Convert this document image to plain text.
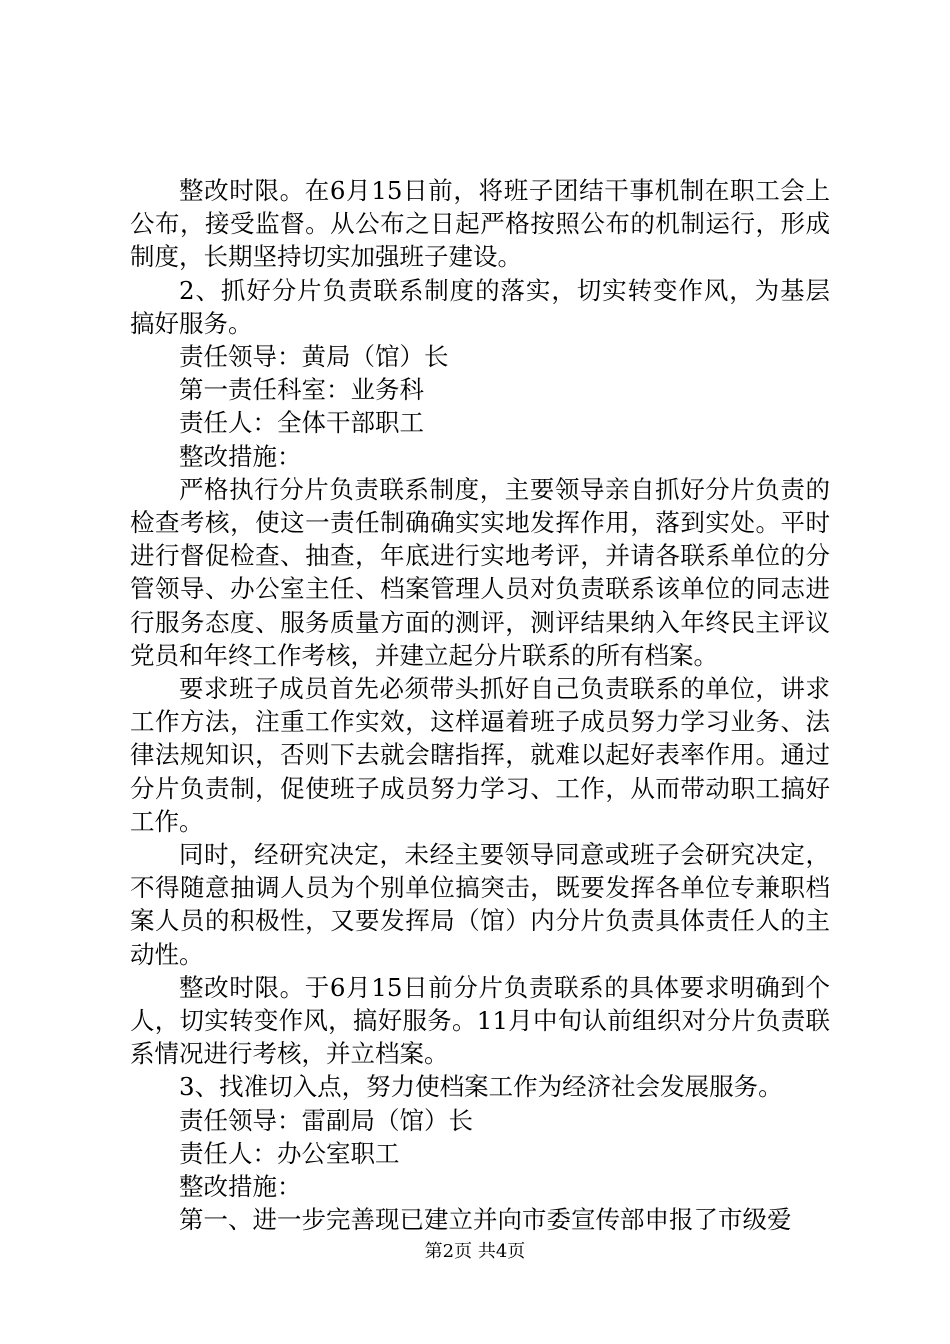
整改时限。在6月15日前，将班子团结干事机制在职工会上公布，接受监督。从公布之日起严格按照公布的机制运行，形成制度，长期坚持切实加强班子建设。

2、抓好分片负责联系制度的落实，切实转变作风，为基层搞好服务。

责任领导：黄局（馆）长

第一责任科室：业务科

责任人：全体干部职工

整改措施：

严格执行分片负责联系制度，主要领导亲自抓好分片负责的检查考核，使这一责任制确确实实地发挥作用，落到实处。平时进行督促检查、抽查，年底进行实地考评，并请各联系单位的分管领导、办公室主任、档案管理人员对负责联系该单位的同志进行服务态度、服务质量方面的测评，测评结果纳入年终民主评议党员和年终工作考核，并建立起分片联系的所有档案。

要求班子成员首先必须带头抓好自己负责联系的单位，讲求工作方法，注重工作实效，这样逼着班子成员努力学习业务、法律法规知识，否则下去就会瞎指挥，就难以起好表率作用。通过分片负责制，促使班子成员努力学习、工作，从而带动职工搞好工作。

同时，经研究决定，未经主要领导同意或班子会研究决定，不得随意抽调人员为个别单位搞突击，既要发挥各单位专兼职档案人员的积极性，又要发挥局（馆）内分片负责具体责任人的主动性。

整改时限。于6月15日前分片负责联系的具体要求明确到个人，切实转变作风，搞好服务。11月中旬认前组织对分片负责联系情况进行考核，并立档案。

3、找准切入点，努力使档案工作为经济社会发展服务。

责任领导：雷副局（馆）长

责任人：办公室职工

整改措施：

第一、进一步完善现已建立并向市委宣传部申报了市级爱

第2页 共4页
